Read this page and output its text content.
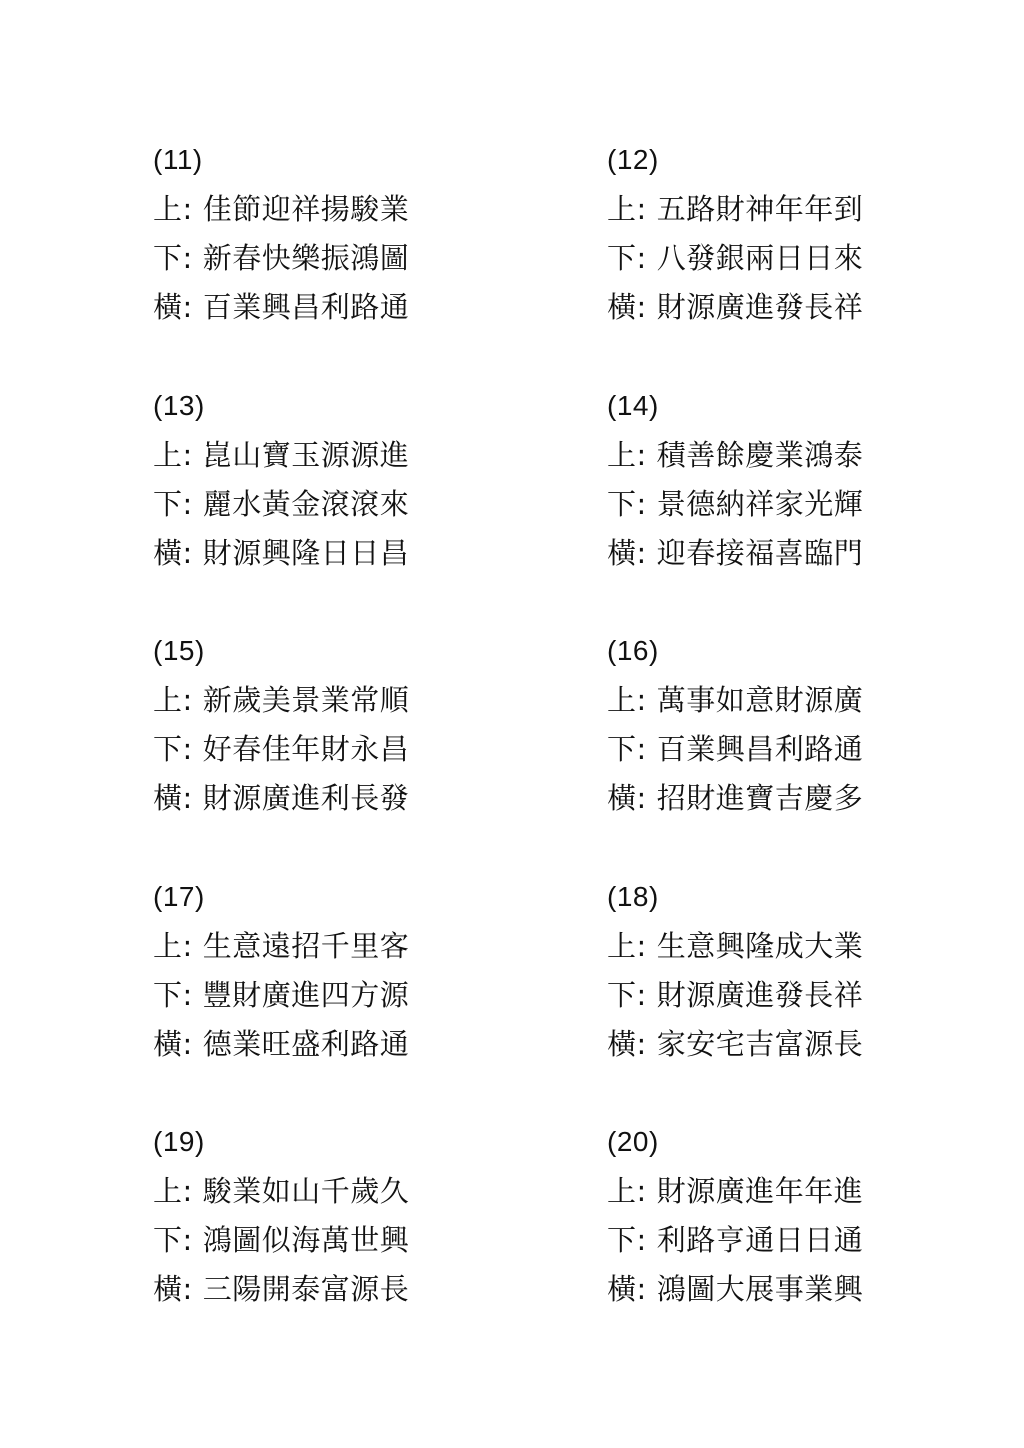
(11)
上: 佳節迎祥揚駿業
下: 新春快樂振鴻圖
橫: 百業興昌利路通
(12)
上: 五路財神年年到
下: 八發銀兩日日來
橫: 財源廣進發長祥
(13)
上: 崑山寶玉源源進
下: 麗水黃金滾滾來
橫: 財源興隆日日昌
(14)
上: 積善餘慶業鴻泰
下: 景德納祥家光輝
橫: 迎春接福喜臨門
(15)
上: 新歲美景業常順
下: 好春佳年財永昌
橫: 財源廣進利長發
(16)
上: 萬事如意財源廣
下: 百業興昌利路通
橫: 招財進寶吉慶多
(17)
上: 生意遠招千里客
下: 豐財廣進四方源
橫: 德業旺盛利路通
(18)
上: 生意興隆成大業
下: 財源廣進發長祥
橫: 家安宅吉富源長
(19)
上: 駿業如山千歲久
下: 鴻圖似海萬世興
橫: 三陽開泰富源長
(20)
上: 財源廣進年年進
下: 利路亨通日日通
橫: 鴻圖大展事業興
